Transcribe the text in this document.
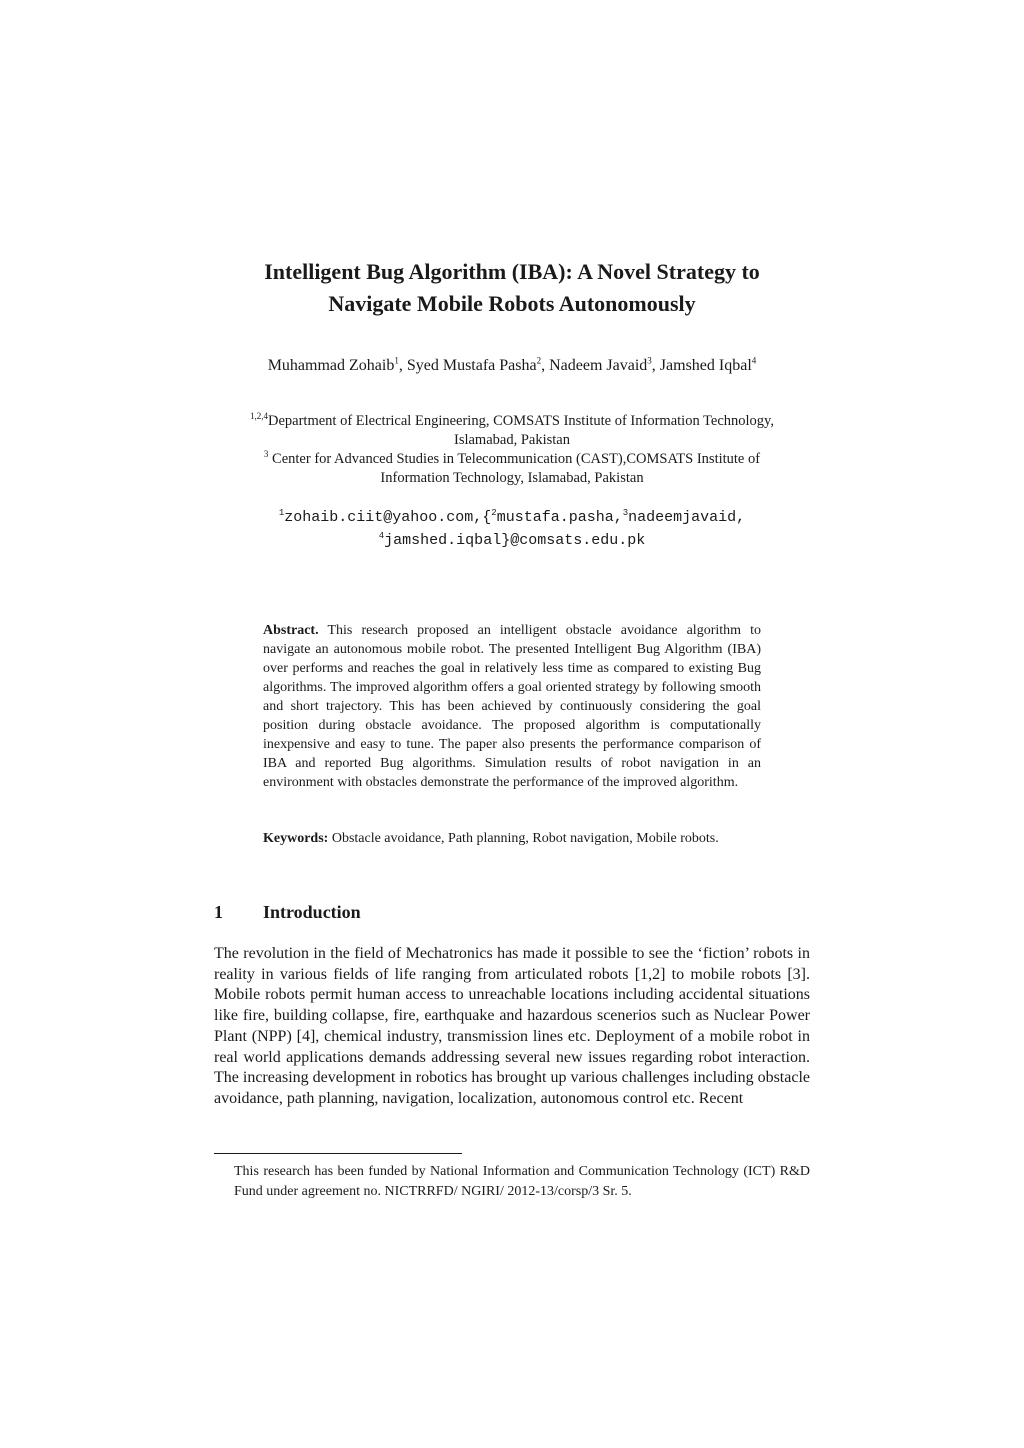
Intelligent Bug Algorithm (IBA): A Novel Strategy to
Navigate Mobile Robots Autonomously
Muhammad Zohaib$^1$, Syed Mustafa Pasha$^2$, Nadeem Javaid$^3$, Jamshed Iqbal$^4$
$^{1,2,4}$Department of Electrical Engineering, COMSATS Institute of Information Technology,
Islamabad, Pakistan
$^3$ Center for Advanced Studies in Telecommunication (CAST),COMSATS Institute of
Information Technology, Islamabad, Pakistan
$^1$zohaib.ciit@yahoo.com,{$^2$mustafa.pasha,$^3$nadeemjavaid,
$^4$jamshed.iqbal}@comsats.edu.pk
Abstract. This research proposed an intelligent obstacle avoidance algorithm to navigate an autonomous mobile robot. The presented Intelligent Bug Algorithm (IBA) over performs and reaches the goal in relatively less time as compared to existing Bug algorithms. The improved algorithm offers a goal oriented strategy by following smooth and short trajectory. This has been achieved by continuously considering the goal position during obstacle avoidance. The proposed algorithm is computationally inexpensive and easy to tune. The paper also presents the performance comparison of IBA and reported Bug algorithms. Simulation results of robot navigation in an environment with obstacles demonstrate the performance of the improved algorithm.
Keywords: Obstacle avoidance, Path planning, Robot navigation, Mobile robots.
1 Introduction
The revolution in the field of Mechatronics has made it possible to see the ‘fiction’ robots in reality in various fields of life ranging from articulated robots [1,2] to mobile robots [3]. Mobile robots permit human access to unreachable locations including accidental situations like fire, building collapse, fire, earthquake and hazardous scenerios such as Nuclear Power Plant (NPP) [4], chemical industry, transmission lines etc. Deployment of a mobile robot in real world applications demands addressing several new issues regarding robot interaction. The increasing development in robotics has brought up various challenges including obstacle avoidance, path planning, navigation, localization, autonomous control etc. Recent
This research has been funded by National Information and Communication Technology (ICT) R&D Fund under agreement no. NICTRRFD/ NGIRI/ 2012-13/corsp/3 Sr. 5.
